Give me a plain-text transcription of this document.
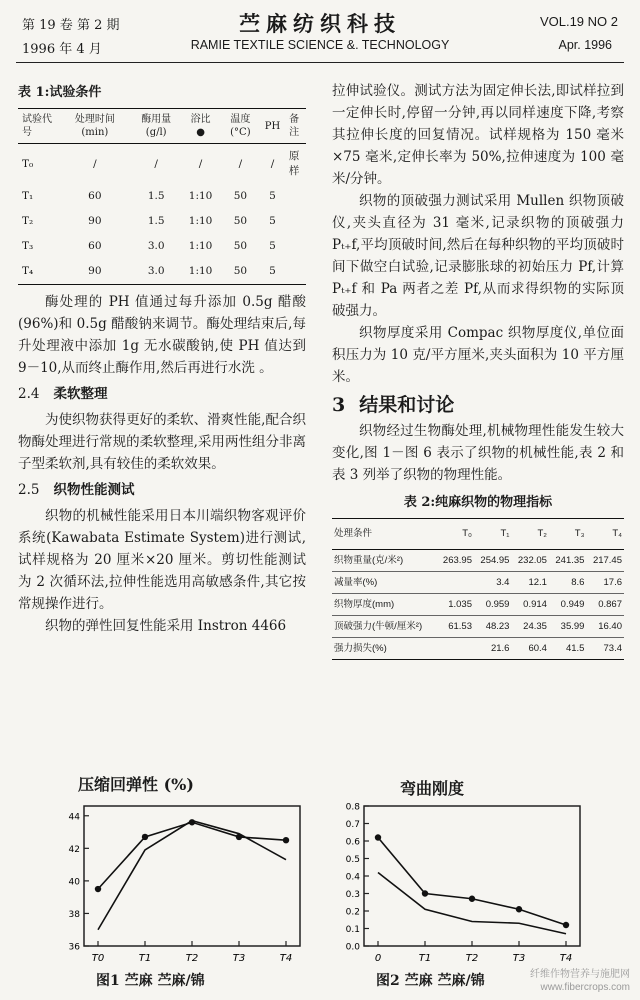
第 19 卷 第 2 期
1996 年 4 月
苎麻纺织科技
RAMIE TEXTILE SCIENCE &. TECHNOLOGY
VOL.19 NO 2
Apr. 1996
表 1:试验条件
试验代号	处理时间 (min)	酶用量 (g/l)	浴比 ●	温度 (°C)	PH	备注
T₀	/	/	/	/	/	原样
T₁	60	1.5	1:10	50	5	
T₂	90	1.5	1:10	50	5	
T₃	60	3.0	1:10	50	5	
T₄	90	3.0	1:10	50	5	

酶处理的 PH 值通过每升添加 0.5g 醋酸(96%)和 0.5g 醋酸钠来调节。酶处理结束后,每升处理液中添加 1g 无水碳酸钠,使 PH 值达到 9－10,从而终止酶作用,然后再进行水洗 。

2.4 柔软整理

为使织物获得更好的柔软、滑爽性能,配合织物酶处理进行常规的柔软整理,采用两性组分非离子型柔软剂,具有较佳的柔软效果。

2.5 织物性能测试

织物的机械性能采用日本川端织物客观评价系统(Kawabata Estimate System)进行测试,试样规格为 20 厘米×20 厘米。剪切性能测试为 2 次循环法,拉伸性能选用高敏感条件,其它按常规操作进行。

织物的弹性回复性能采用 Instron 4466

拉伸试验仪。测试方法为固定伸长法,即试样拉到一定伸长时,停留一分钟,再以同样速度下降,考察其拉伸长度的回复情况。试样规格为 150 毫米×75 毫米,定伸长率为 50%,拉伸速度为 100 毫米/分钟。

织物的顶破强力测试采用 Mullen 织物顶破仪,夹头直径为 31 毫米,记录织物的顶破强力 Pₜ₊f,平均顶破时间,然后在每种织物的平均顶破时间下做空白试验,记录膨胀球的初始压力 Pf,计算 Pₜ₊f 和 Pa 两者之差 Pf,从而求得织物的实际顶破强力。

织物厚度采用 Compac 织物厚度仪,单位面积压力为 10 克/平方厘米,夹头面积为 10 平方厘米。

3 结果和讨论

织物经过生物酶处理,机械物理性能发生较大变化,图 1－图 6 表示了织物的机械性能,表 2 和表 3 列举了织物的物理性能。

表 2:纯麻织物的物理指标
处理条件	T₀	T₁	T₂	T₃	T₄
织物重量(克/米²)	263.95	254.95	232.05	241.35	217.45
减量率(%)		3.4	12.1	8.6	17.6
织物厚度(mm)	1.035	0.959	0.914	0.949	0.867
顶破强力(牛顿/厘米²)	61.53	48.23	24.35	35.99	16.40
强力损失(%)		21.6	60.4	41.5	73.4
压缩回弹性 (%)
36
38
40
42
44
T0	T1	T2	T3	T4
图1 苎麻 苎麻/锦
弯曲刚度
0.0
0.1
0.2
0.3
0.4
0.5
0.6
0.7
0.8
0	T1	T2	T3	T4
图2 苎麻 苎麻/锦	纤维作物营养与施肥网
www.fibercrops.com
